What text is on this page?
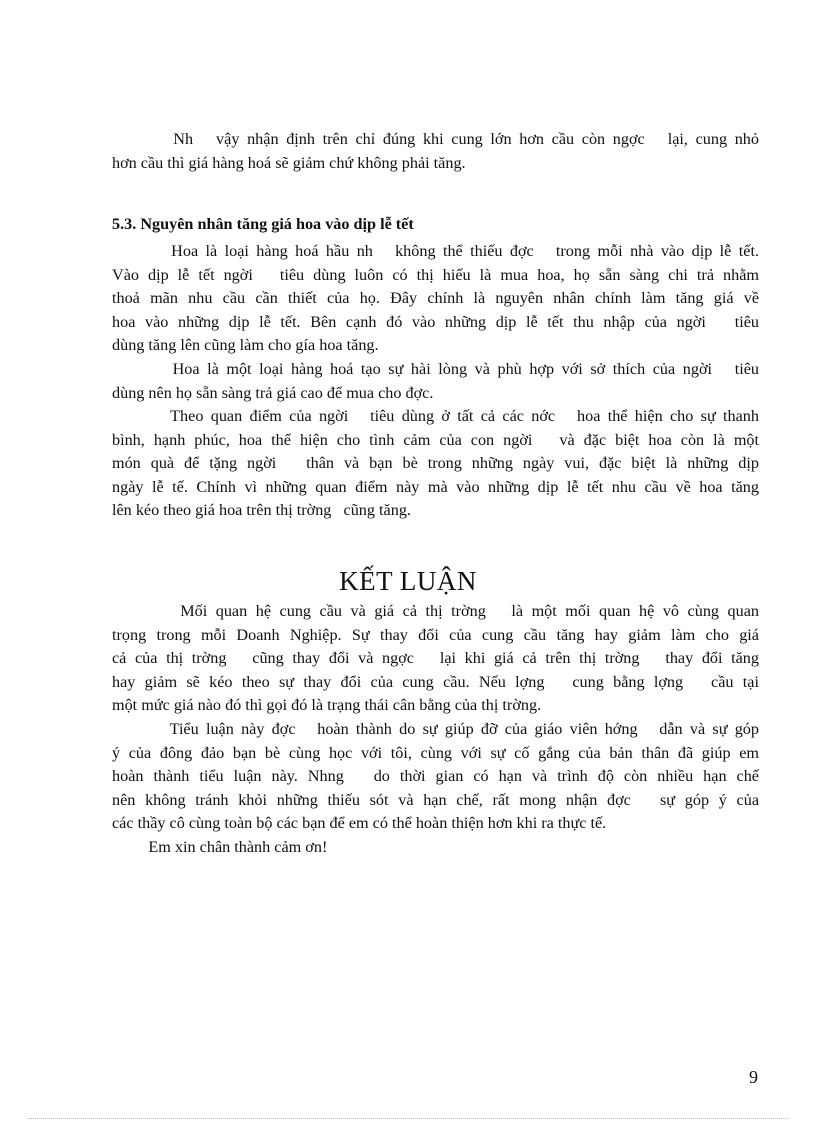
Nh   vậy nhận định trên chỉ đúng khi cung lớn hơn cầu còn ngợc   lại, cung nhỏ
hơn cầu thì giá hàng hoá sẽ giảm chứ không phải tăng.

5.3. Nguyên nhân tăng giá hoa vào dịp lễ tết

Hoa là loại hàng hoá hầu nh   không thể thiếu đợc   trong mỗi nhà vào dịp lễ tết.
Vào dịp lễ tết ngời   tiêu dùng luôn có thị hiếu là mua hoa, họ sẵn sàng chi trả nhằm
thoả mãn nhu cầu cần thiết của họ. Đây chính là nguyên nhân chính làm tăng giá về
hoa vào những dịp lễ tết. Bên cạnh đó vào những dịp lễ tết thu nhập của ngời   tiêu
dùng tăng lên cũng làm cho gía hoa tăng.

Hoa là một loại hàng hoá tạo sự hài lòng và phù hợp với sở thích của ngời   tiêu
dùng nên họ sẵn sàng trả giá cao để mua cho đợc.

Theo quan điểm của ngời   tiêu dùng ở tất cả các nớc   hoa thể hiện cho sự thanh
bình, hạnh phúc, hoa thể hiện cho tình cảm của con ngời   và đặc biệt hoa còn là một
món quà để tặng ngời   thân và bạn bè trong những ngày vui, đặc biệt là những dịp
ngày lễ tế. Chính vì những quan điểm này mà vào những dịp lễ tết nhu cầu về hoa tăng
lên kéo theo giá hoa trên thị trờng   cũng tăng.

KẾT LUẬN

Mối quan hệ cung cầu và giá cả thị trờng   là một mối quan hệ vô cùng quan
trọng trong mỗi Doanh Nghiệp. Sự thay đổi của cung cầu tăng hay giảm làm cho giá
cả của thị trờng   cũng thay đổi và ngợc   lại khi giá cả trên thị trờng   thay đổi tăng
hay giảm sẽ kéo theo sự thay đổi của cung cầu. Nếu lợng   cung bằng lợng   cầu tại
một mức giá nào đó thì gọi đó là trạng thái cân bằng của thị trờng.

Tiểu luận này đợc   hoàn thành do sự giúp đỡ của giáo viên hớng   dẫn và sự góp
ý của đông đảo bạn bè cùng học với tôi, cùng với sự cố gắng của bản thân đã giúp em
hoàn thành tiểu luận này. Nhng   do thời gian có hạn và trình độ còn nhiều hạn chế
nên không tránh khỏi những thiếu sót và hạn chế, rất mong nhận đợc   sự góp ý của
các thầy cô cùng toàn bộ các bạn để em có thể hoàn thiện hơn khi ra thực tế.

Em xin chân thành cảm ơn!

9
